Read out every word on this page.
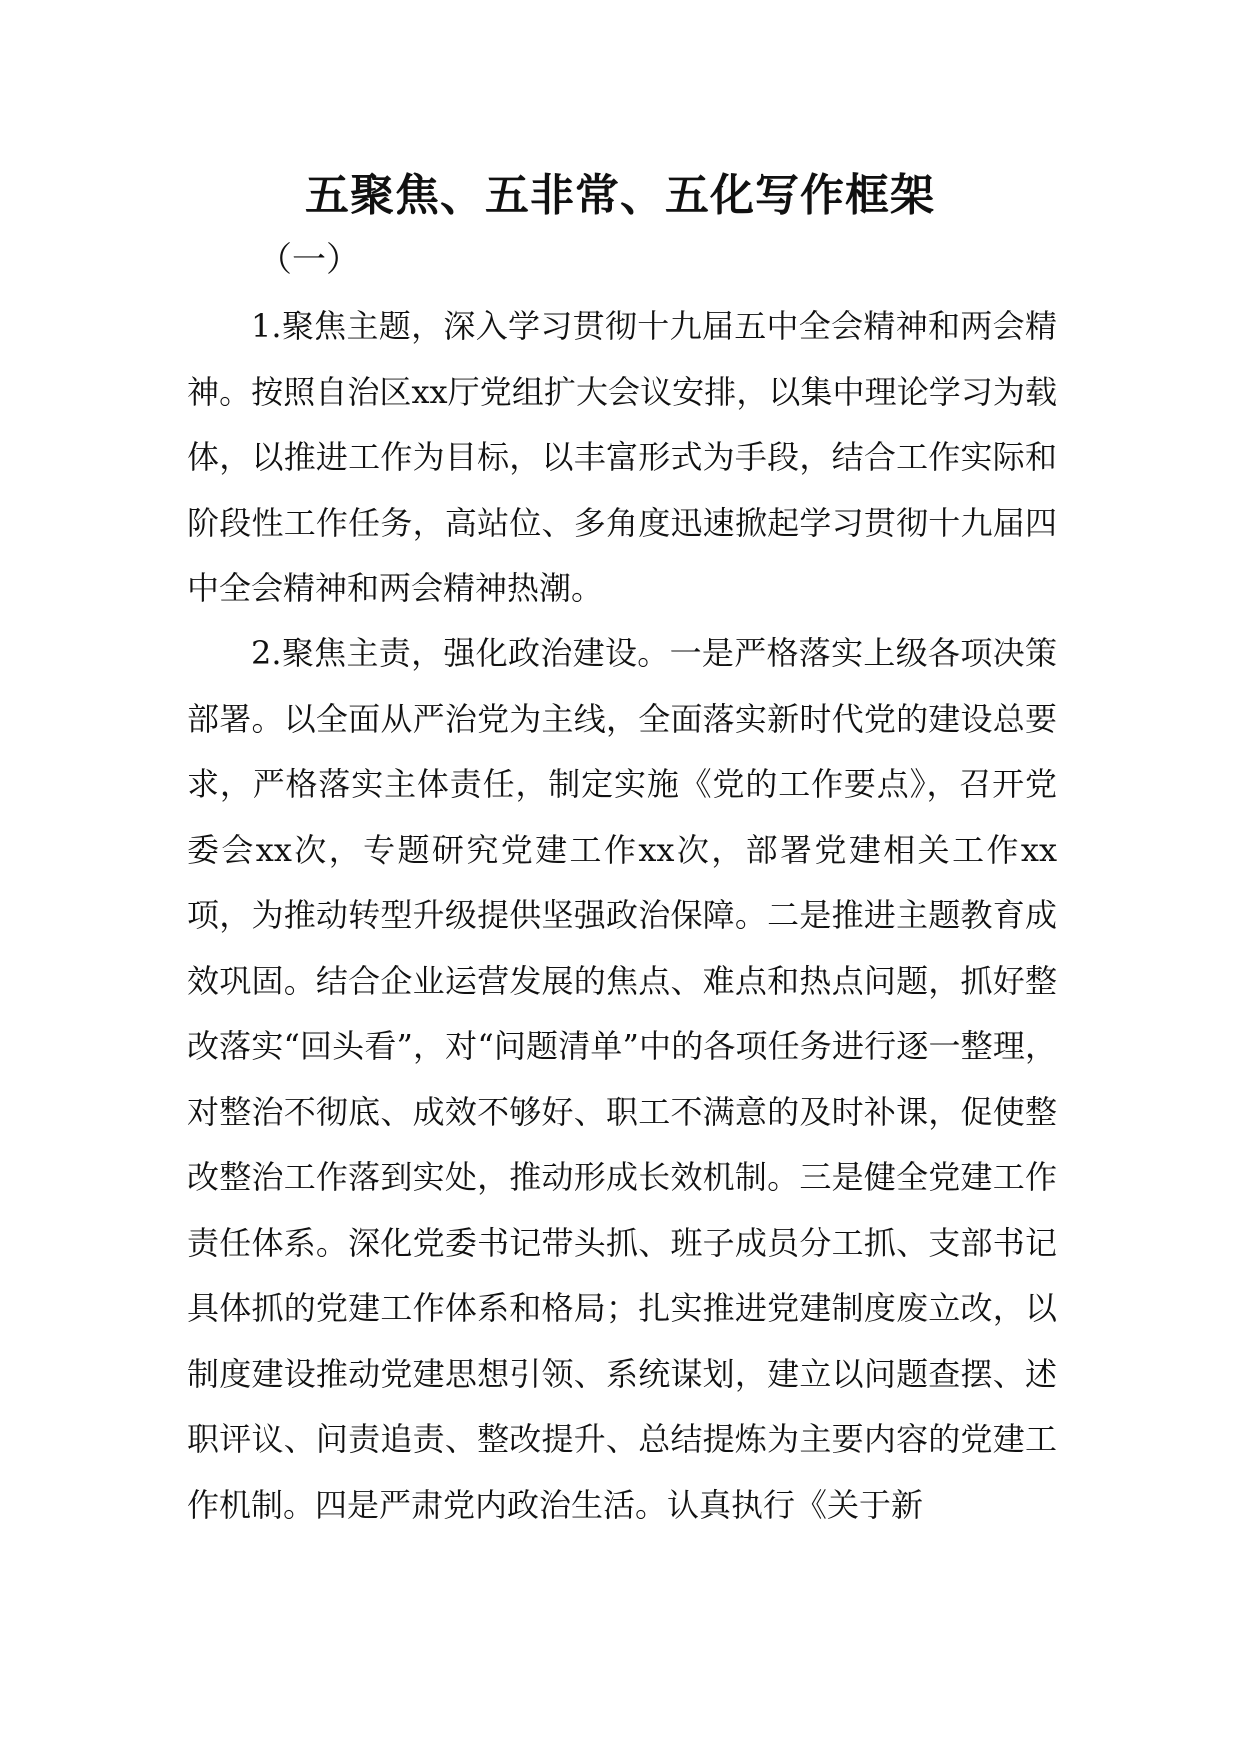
五聚焦、五非常、五化写作框架
（一）

1.聚焦主题，深入学习贯彻十九届五中全会精神和两会精神。按照自治区xx厅党组扩大会议安排，以集中理论学习为载体，以推进工作为目标，以丰富形式为手段，结合工作实际和阶段性工作任务，高站位、多角度迅速掀起学习贯彻十九届四中全会精神和两会精神热潮。

2.聚焦主责，强化政治建设。一是严格落实上级各项决策部署。以全面从严治党为主线，全面落实新时代党的建设总要求，严格落实主体责任，制定实施《党的工作要点》，召开党委会xx次，专题研究党建工作xx次，部署党建相关工作xx项，为推动转型升级提供坚强政治保障。二是推进主题教育成效巩固。结合企业运营发展的焦点、难点和热点问题，抓好整改落实“回头看”，对“问题清单”中的各项任务进行逐一整理，对整治不彻底、成效不够好、职工不满意的及时补课，促使整改整治工作落到实处，推动形成长效机制。三是健全党建工作责任体系。深化党委书记带头抓、班子成员分工抓、支部书记具体抓的党建工作体系和格局；扎实推进党建制度废立改，以制度建设推动党建思想引领、系统谋划，建立以问题查摆、述职评议、问责追责、整改提升、总结提炼为主要内容的党建工作机制。四是严肃党内政治生活。认真执行《关于新
